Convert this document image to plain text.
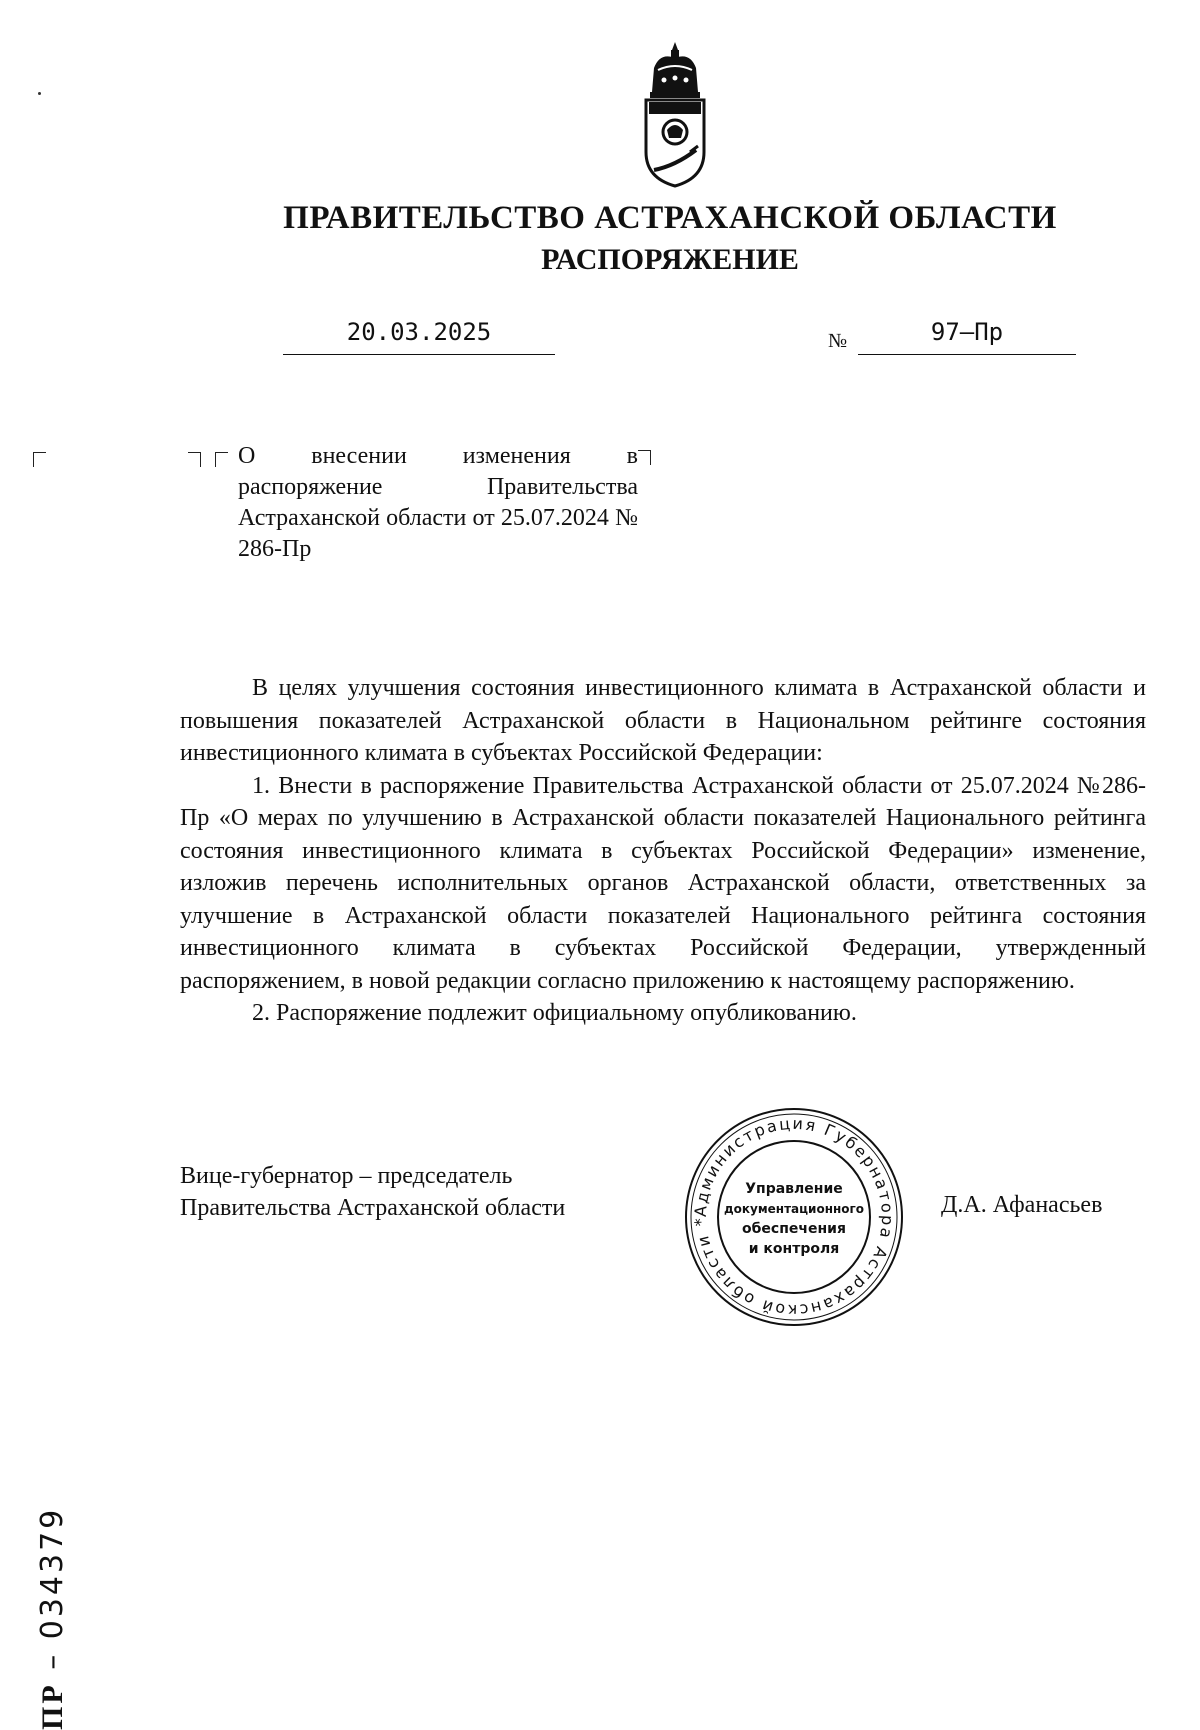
ПРАВИТЕЛЬСТВО АСТРАХАНСКОЙ ОБЛАСТИ
РАСПОРЯЖЕНИЕ
20.03.2025	№	97–Пр
О внесении изменения в распоряжение Правительства Астраханской области от 25.07.2024 № 286-Пр

В целях улучшения состояния инвестиционного климата в Астраханской области и повышения показателей Астраханской области в Национальном рейтинге состояния инвестиционного климата в субъектах Российской Федерации:

1. Внести в распоряжение Правительства Астраханской области от 25.07.2024 №286-Пр «О мерах по улучшению в Астраханской области показателей Национального рейтинга состояния инвестиционного климата в субъектах Российской Федерации» изменение, изложив перечень исполнительных органов Астраханской области, ответственных за улучшение в Астраханской области показателей Национального рейтинга состояния инвестиционного климата в субъектах Российской Федерации, утвержденный распоряжением, в новой редакции согласно приложению к настоящему распоряжению.

2. Распоряжение подлежит официальному опубликованию.

Вице-губернатор – председатель
Правительства Астраханской области	Администрация Губернатора Астраханской области *
Управление
документационного
обеспечения
и контроля
Д.А. Афанасьев
ПР – 034379
